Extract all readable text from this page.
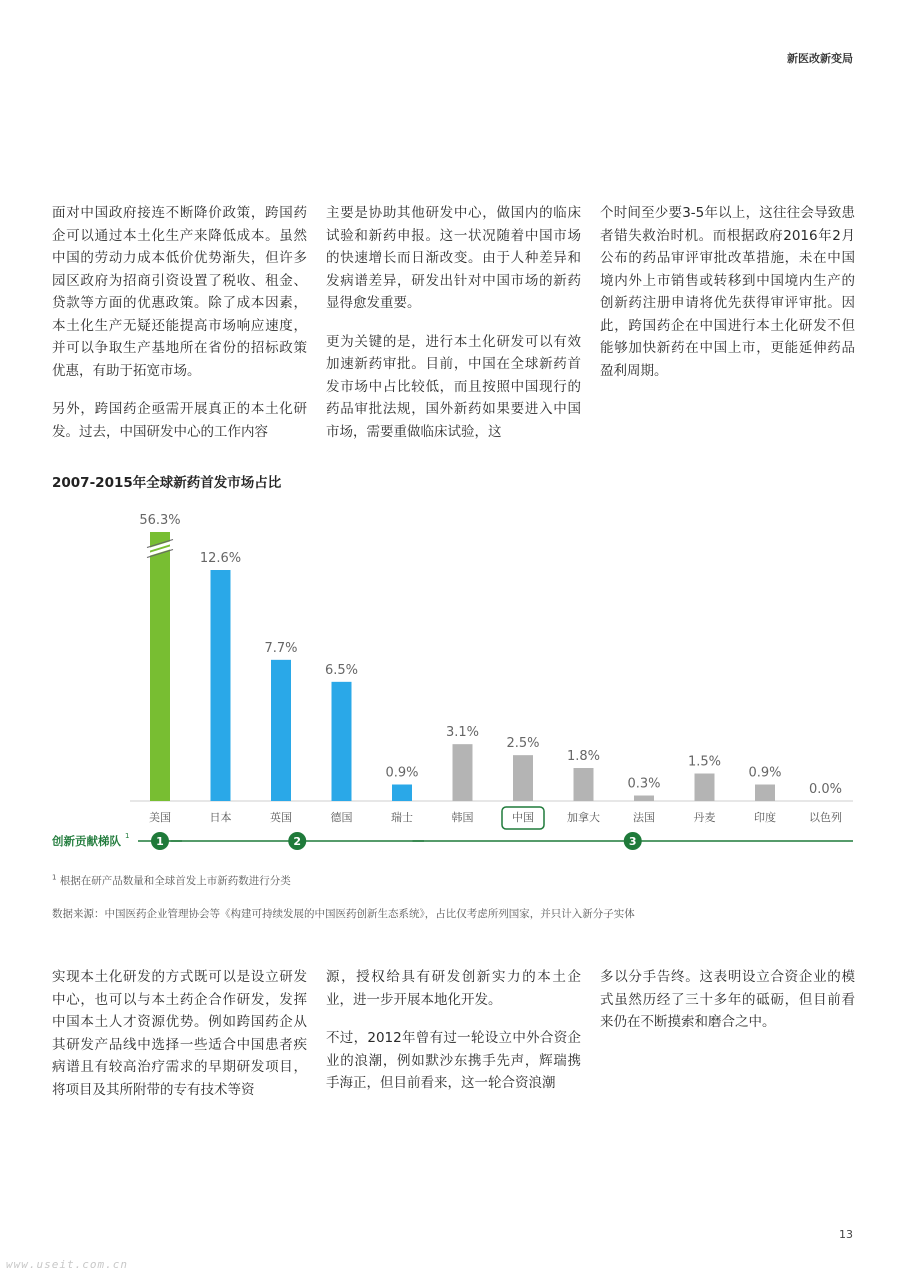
新医改新变局

面对中国政府接连不断降价政策，跨国药企可以通过本土化生产来降低成本。虽然中国的劳动力成本低价优势渐失，但许多园区政府为招商引资设置了税收、租金、贷款等方面的优惠政策。除了成本因素，本土化生产无疑还能提高市场响应速度，并可以争取生产基地所在省份的招标政策优惠，有助于拓宽市场。

另外，跨国药企亟需开展真正的本土化研发。过去，中国研发中心的工作内容

主要是协助其他研发中心，做国内的临床试验和新药申报。这一状况随着中国市场的快速增长而日渐改变。由于人种差异和发病谱差异，研发出针对中国市场的新药显得愈发重要。

更为关键的是，进行本土化研发可以有效加速新药审批。目前，中国在全球新药首发市场中占比较低，而且按照中国现行的药品审批法规，国外新药如果要进入中国市场，需要重做临床试验，这

个时间至少要3-5年以上，这往往会导致患者错失救治时机。而根据政府2016年2月公布的药品审评审批改革措施，未在中国境内外上市销售或转移到中国境内生产的创新药注册申请将优先获得审评审批。因此，跨国药企在中国进行本土化研发不但能够加快新药在中国上市，更能延伸药品盈利周期。

2007-2015年全球新药首发市场占比
56.3%
美国
12.6%
日本
7.7%
英国
6.5%
德国
0.9%
瑞士
3.1%
韩国
2.5%
中国
1.8%
加拿大
0.3%
法国
1.5%
丹麦
0.9%
印度
0.0%
以色列
创新贡献梯队 1 1	2	3
$^1$ 根据在研产品数量和全球首发上市新药数进行分类
数据来源：中国医药企业管理协会等《构建可持续发展的中国医药创新生态系统》，占比仅考虑所列国家，并只计入新分子实体

实现本土化研发的方式既可以是设立研发中心，也可以与本土药企合作研发，发挥中国本土人才资源优势。例如跨国药企从其研发产品线中选择一些适合中国患者疾病谱且有较高治疗需求的早期研发项目，将项目及其所附带的专有技术等资

源，授权给具有研发创新实力的本土企业，进一步开展本地化开发。

不过，2012年曾有过一轮设立中外合资企业的浪潮，例如默沙东携手先声，辉瑞携手海正，但目前看来，这一轮合资浪潮

多以分手告终。这表明设立合资企业的模式虽然历经了三十多年的砥砺，但目前看来仍在不断摸索和磨合之中。

13
www.useit.com.cn
